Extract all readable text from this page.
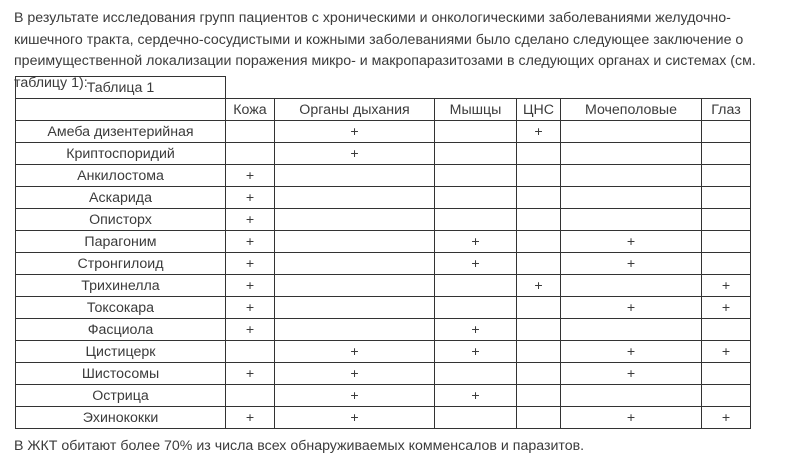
В результате исследования групп пациентов с хроническими и онкологическими заболеваниями желудочно-кишечного тракта, сердечно-сосудистыми и кожными заболеваниями было сделано следующее заключение о преимущественной локализации поражения микро- и макропаразитозами в следующих органах и системах (см. таблицу 1): Таблица 1						
	Кожа	Органы дыхания	Мышцы	ЦНС	Мочеполовые	Глаз
Амеба дизентерийная		+		+		
Криптоспоридий		+				
Анкилостома	+					
Аскарида	+					
Описторх	+					
Парагоним	+		+		+	
Стронгилоид	+		+		+	
Трихинелла	+			+		+
Токсокара	+				+	+
Фасциола	+		+			
Цистицерк		+	+		+	+
Шистосомы	+	+			+	
Острица		+	+			
Эхинококки	+	+			+	+

В ЖКТ обитают более 70% из числа всех обнаруживаемых комменсалов и паразитов.
